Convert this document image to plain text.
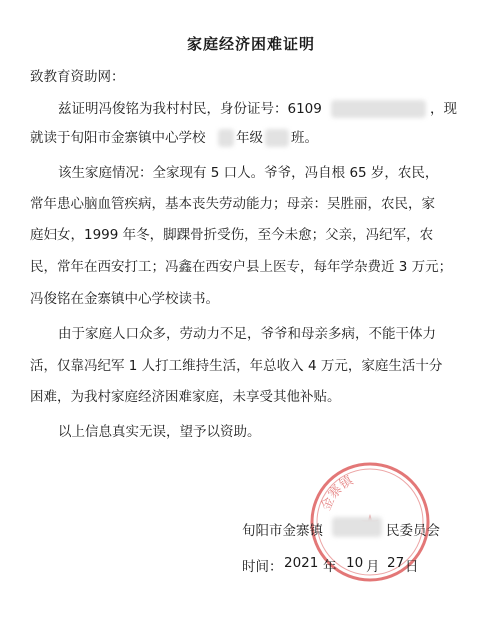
家庭经济困难证明
致教育资助网：
兹证明冯俊铭为我村村民，身份证号：6109	，现
就读于旬阳市金寨镇中心学校 年级 班。
该生家庭情况：全家现有 5 口人。爷爷，冯自根 65 岁，农民，
常年患心脑血管疾病，基本丧失劳动能力；母亲：吴胜丽，农民，家
庭妇女，1999 年冬，脚踝骨折受伤，至今未愈；父亲，冯纪军，农
民，常年在西安打工；冯鑫在西安户县上医专，每年学杂费近 3 万元；
冯俊铭在金寨镇中心学校读书。
由于家庭人口众多，劳动力不足，爷爷和母亲多病，不能干体力
活，仅靠冯纪军 1 人打工维持生活，年总收入 4 万元，家庭生活十分
困难，为我村家庭经济困难家庭，未享受其他补贴。
以上信息真实无误，望予以资助。
金寨镇
旬阳市金寨镇	民委员会
时间： 2021 年 10 月 27 日
